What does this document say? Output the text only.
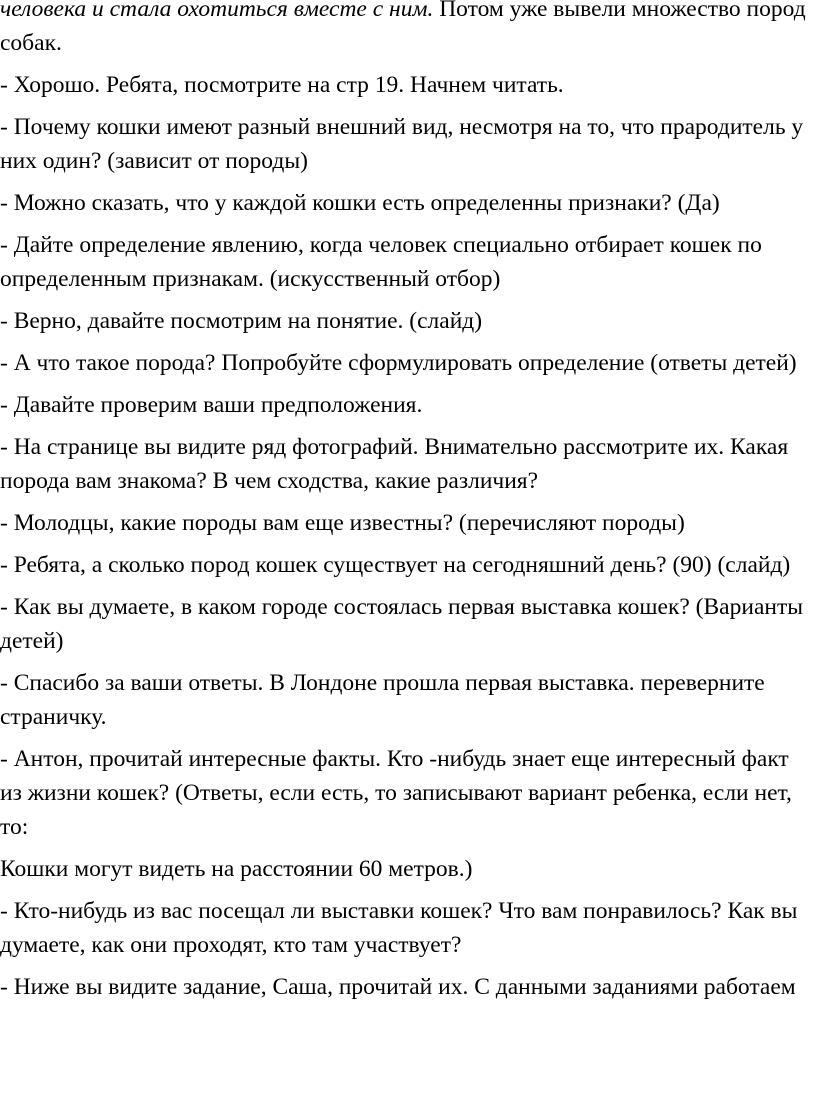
человека и стала охотиться вместе с ним. Потом уже вывели множество пород собак.

- Хорошо. Ребята, посмотрите на стр 19. Начнем читать.

- Почему кошки имеют разный внешний вид, несмотря на то, что прародитель у них один? (зависит от породы)

- Можно сказать, что у каждой кошки есть определенны признаки? (Да)

- Дайте определение явлению, когда человек специально отбирает кошек по определенным признакам. (искусственный отбор)

- Верно, давайте посмотрим на понятие. (слайд)

- А что такое порода? Попробуйте сформулировать определение (ответы детей)

- Давайте проверим ваши предположения.

- На странице вы видите ряд фотографий. Внимательно рассмотрите их. Какая порода вам знакома? В чем сходства, какие различия?

- Молодцы, какие породы вам еще известны? (перечисляют породы)

- Ребята, а сколько пород кошек существует на сегодняшний день? (90) (слайд)

- Как вы думаете, в каком городе состоялась первая выставка кошек? (Варианты детей)

- Спасибо за ваши ответы. В Лондоне прошла первая выставка. переверните страничку.

- Антон, прочитай интересные факты. Кто -нибудь знает еще интересный факт из жизни кошек? (Ответы, если есть, то записывают вариант ребенка, если нет, то:

Кошки могут видеть на расстоянии 60 метров.)

- Кто-нибудь из вас посещал ли выставки кошек? Что вам понравилось? Как вы думаете, как они проходят, кто там участвует?

- Ниже вы видите задание, Саша, прочитай их. С данными заданиями работаем
